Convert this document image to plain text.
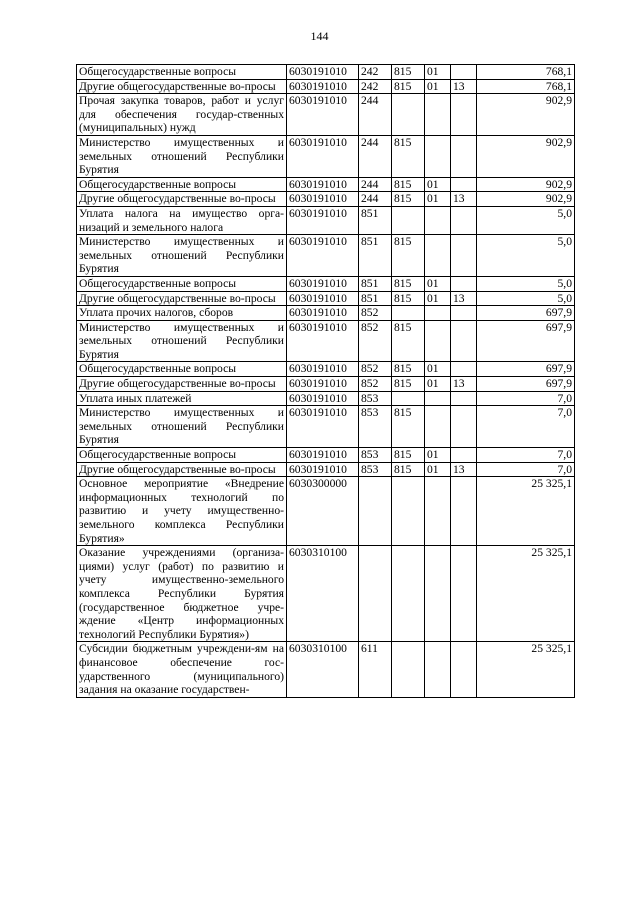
144
Общегосударственные вопросы	6030191010	242	815	01		768,1
Другие общегосударственные во-просы	6030191010	242	815	01	13	768,1
Прочая закупка товаров, работ и услуг для обеспечения государ-ственных (муниципальных) нужд	6030191010	244				902,9
Министерство имущественных и земельных отношений Республики Бурятия	6030191010	244	815			902,9
Общегосударственные вопросы	6030191010	244	815	01		902,9
Другие общегосударственные во-просы	6030191010	244	815	01	13	902,9
Уплата налога на имущество орга-низаций и земельного налога	6030191010	851				5,0
Министерство имущественных и земельных отношений Республики Бурятия	6030191010	851	815			5,0
Общегосударственные вопросы	6030191010	851	815	01		5,0
Другие общегосударственные во-просы	6030191010	851	815	01	13	5,0
Уплата прочих налогов, сборов	6030191010	852				697,9
Министерство имущественных и земельных отношений Республики Бурятия	6030191010	852	815			697,9
Общегосударственные вопросы	6030191010	852	815	01		697,9
Другие общегосударственные во-просы	6030191010	852	815	01	13	697,9
Уплата иных платежей	6030191010	853				7,0
Министерство имущественных и земельных отношений Республики Бурятия	6030191010	853	815			7,0
Общегосударственные вопросы	6030191010	853	815	01		7,0
Другие общегосударственные во-просы	6030191010	853	815	01	13	7,0
Основное мероприятие «Внедрение информационных технологий по развитию и учету имущественно-земельного комплекса Республики Бурятия»	6030300000					25 325,1
Оказание учреждениями (организа-циями) услуг (работ) по развитию и учету имущественно-земельного комплекса Республики Бурятия (государственное бюджетное учре-ждение «Центр информационных технологий Республики Бурятия»)	6030310100					25 325,1
Субсидии бюджетным учреждени-ям на финансовое обеспечение гос-ударственного (муниципального) задания на оказание государствен-	6030310100	611				25 325,1
